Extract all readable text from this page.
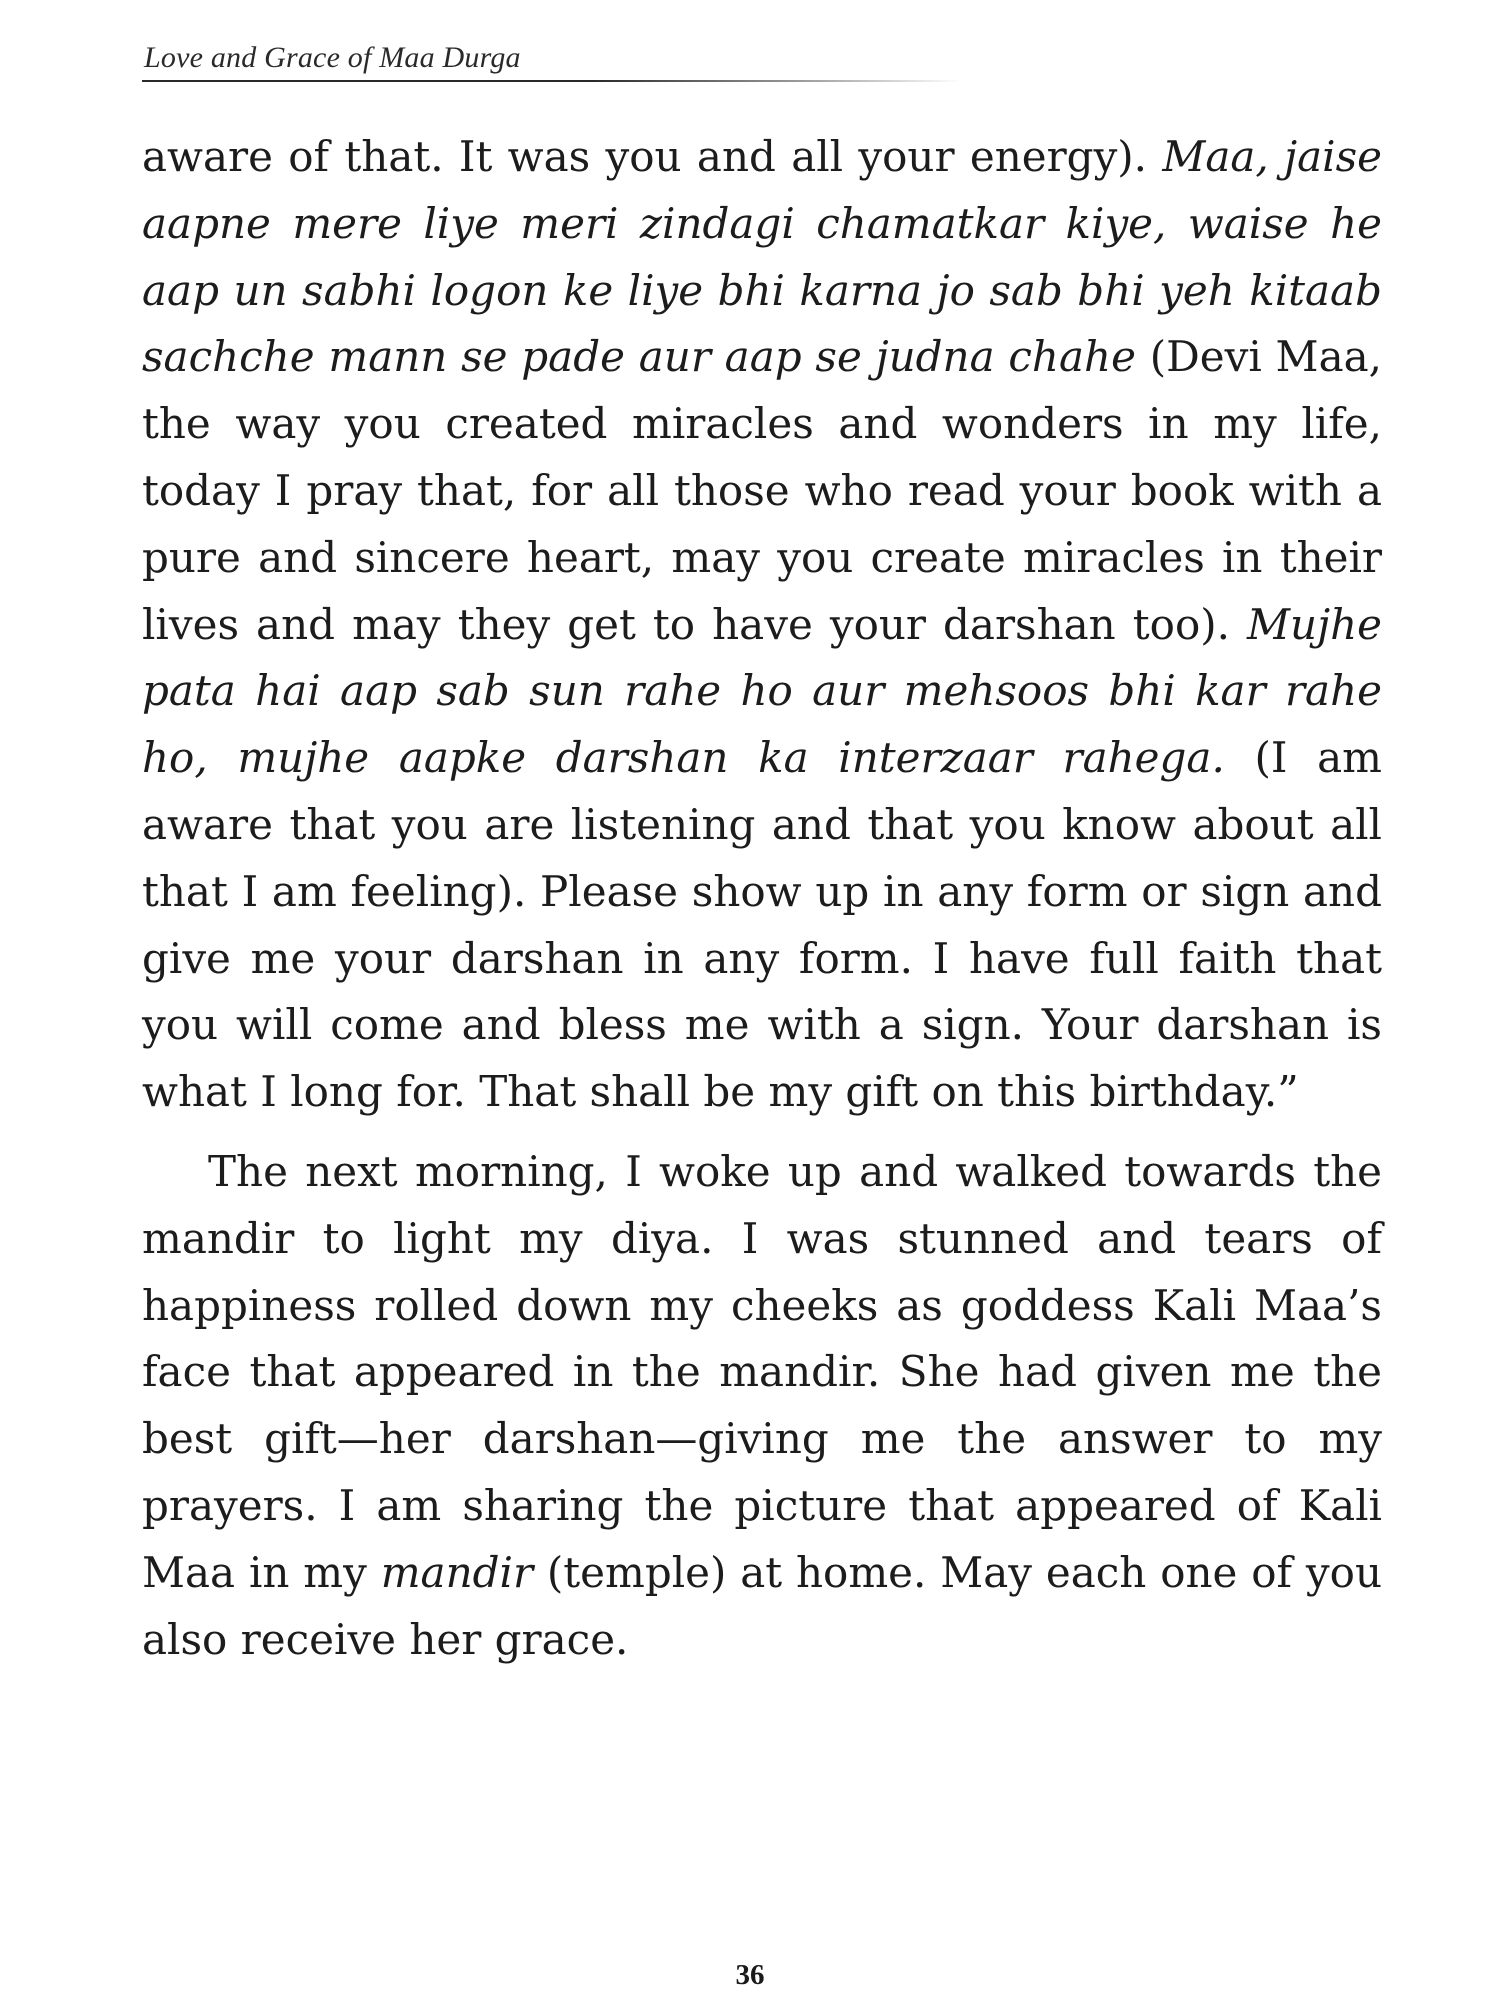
Love and Grace of Maa Durga

aware of that. It was you and all your energy). Maa, jaise aapne mere liye meri zindagi chamatkar kiye, waise he aap un sabhi logon ke liye bhi karna jo sab bhi yeh kitaab sachche mann se pade aur aap se judna chahe (Devi Maa, the way you created miracles and wonders in my life, today I pray that, for all those who read your book with a pure and sincere heart, may you create miracles in their lives and may they get to have your darshan too). Mujhe pata hai aap sab sun rahe ho aur mehsoos bhi kar rahe ho, mujhe aapke darshan ka interzaar rahega. (I am aware that you are listening and that you know about all that I am feeling). Please show up in any form or sign and give me your darshan in any form. I have full faith that you will come and bless me with a sign. Your darshan is what I long for. That shall be my gift on this birthday.”

The next morning, I woke up and walked towards the mandir to light my diya. I was stunned and tears of happiness rolled down my cheeks as goddess Kali Maa’s face that appeared in the mandir. She had given me the best gift—her darshan—giving me the answer to my prayers. I am sharing the picture that appeared of Kali Maa in my mandir (temple) at home. May each one of you also receive her grace.

36
